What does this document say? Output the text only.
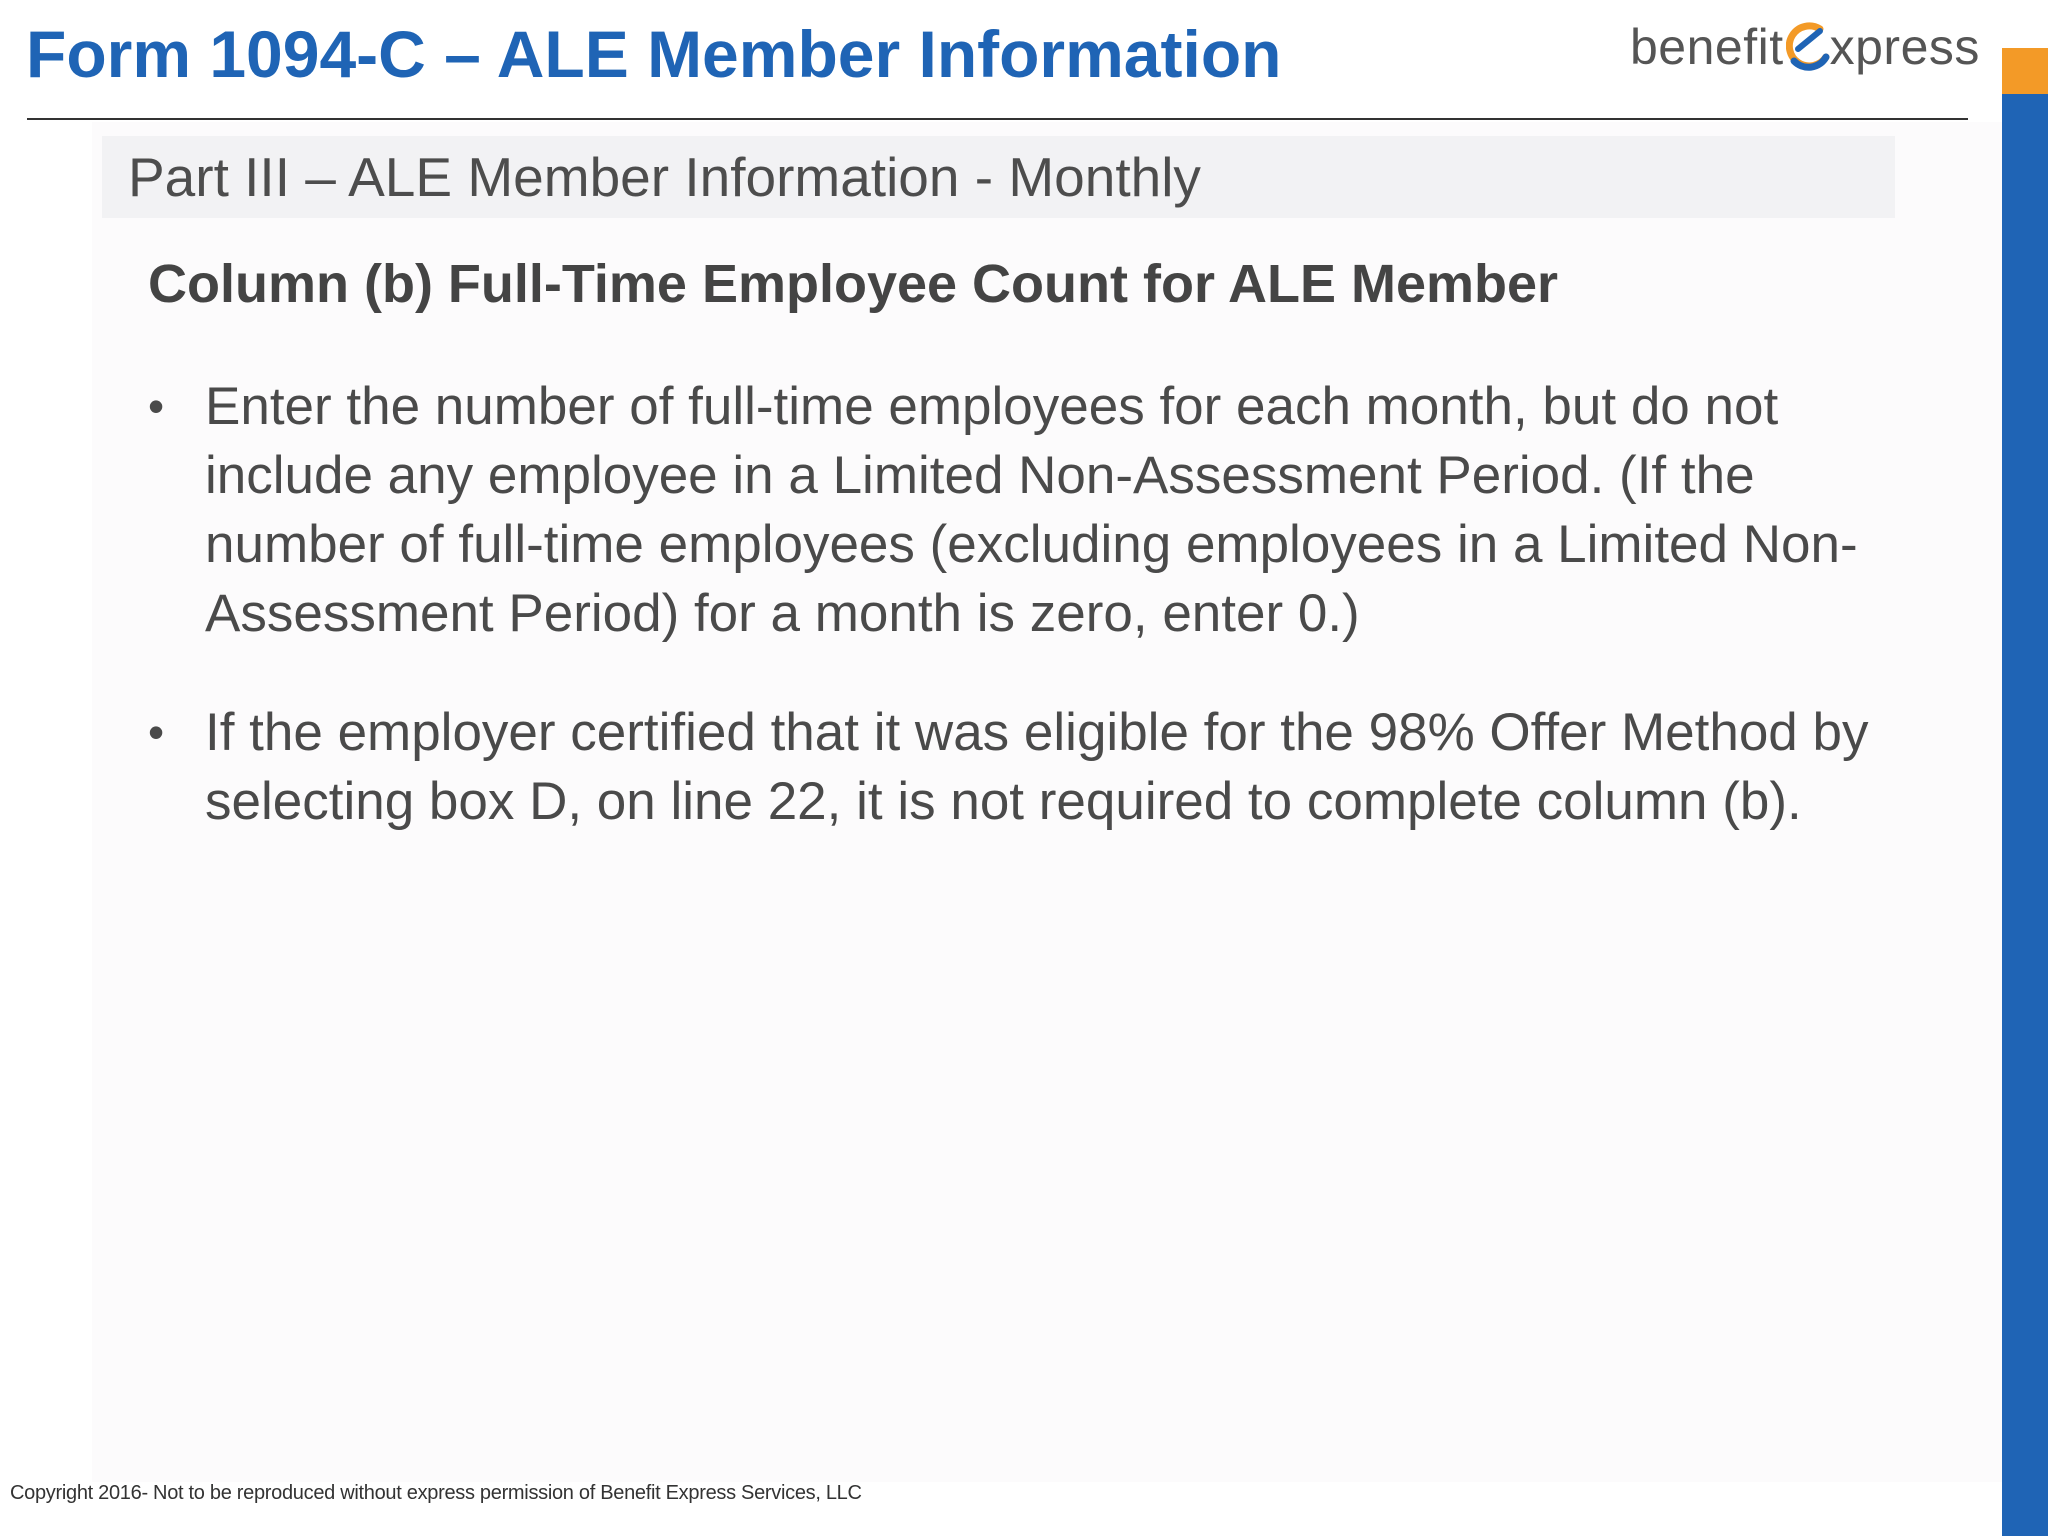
Form 1094-C – ALE Member Information	benefit xpress
Part III – ALE Member Information - Monthly
Column (b) Full-Time Employee Count for ALE Member
• Enter the number of full-time employees for each month, but do not include any employee in a Limited Non-Assessment Period. (If the number of full-time employees (excluding employees in a Limited Non-Assessment Period) for a month is zero, enter 0.)
• If the employer certified that it was eligible for the 98% Offer Method by selecting box D, on line 22, it is not required to complete column (b).
Copyright 2016- Not to be reproduced without express permission of Benefit Express Services, LLC
